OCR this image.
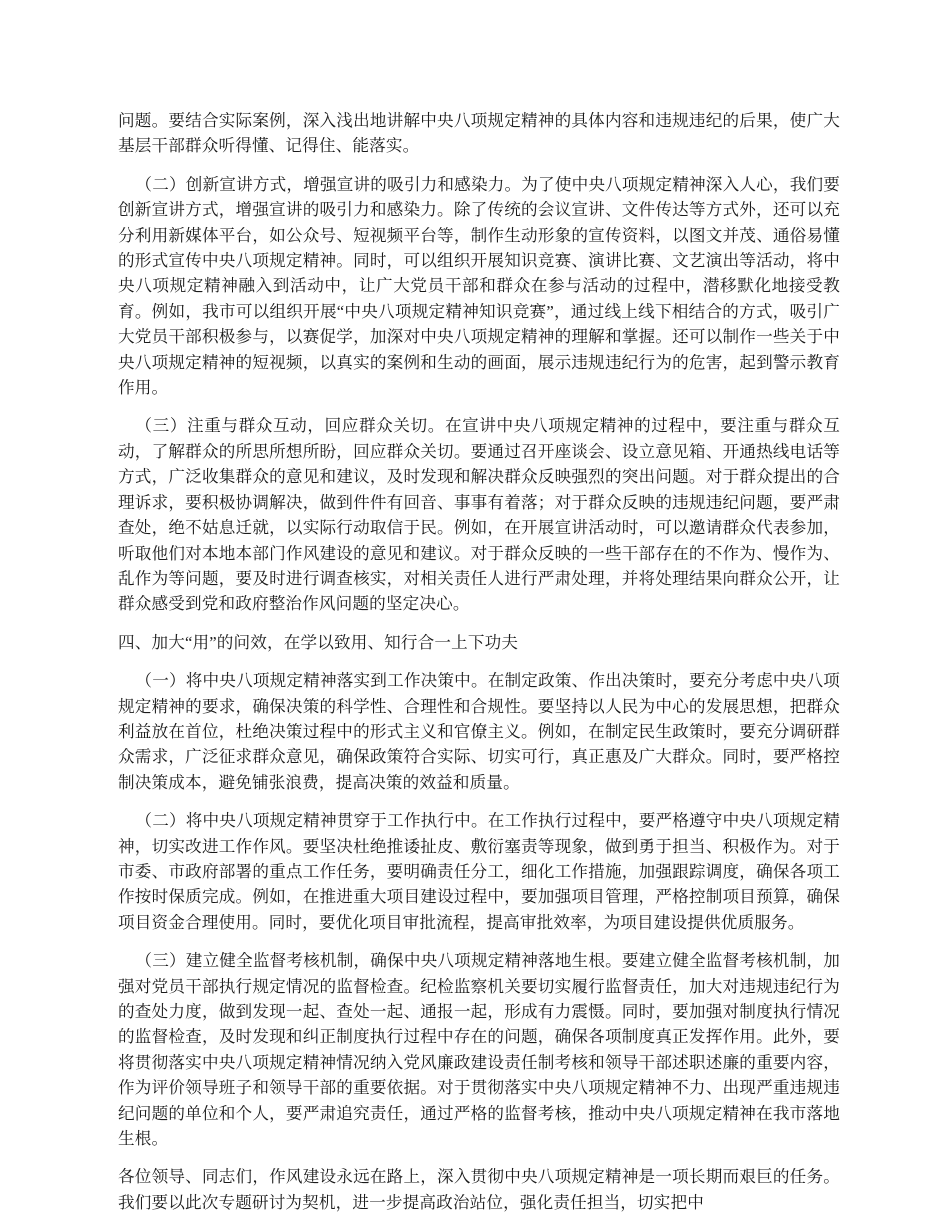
问题。要结合实际案例，深入浅出地讲解中央八项规定精神的具体内容和违规违纪的后果，使广大基层干部群众听得懂、记得住、能落实。

（二）创新宣讲方式，增强宣讲的吸引力和感染力。为了使中央八项规定精神深入人心，我们要创新宣讲方式，增强宣讲的吸引力和感染力。除了传统的会议宣讲、文件传达等方式外，还可以充分利用新媒体平台，如公众号、短视频平台等，制作生动形象的宣传资料，以图文并茂、通俗易懂的形式宣传中央八项规定精神。同时，可以组织开展知识竞赛、演讲比赛、文艺演出等活动，将中央八项规定精神融入到活动中，让广大党员干部和群众在参与活动的过程中，潜移默化地接受教育。例如，我市可以组织开展“中央八项规定精神知识竞赛”，通过线上线下相结合的方式，吸引广大党员干部积极参与，以赛促学，加深对中央八项规定精神的理解和掌握。还可以制作一些关于中央八项规定精神的短视频，以真实的案例和生动的画面，展示违规违纪行为的危害，起到警示教育作用。

（三）注重与群众互动，回应群众关切。在宣讲中央八项规定精神的过程中，要注重与群众互动，了解群众的所思所想所盼，回应群众关切。要通过召开座谈会、设立意见箱、开通热线电话等方式，广泛收集群众的意见和建议，及时发现和解决群众反映强烈的突出问题。对于群众提出的合理诉求，要积极协调解决，做到件件有回音、事事有着落；对于群众反映的违规违纪问题，要严肃查处，绝不姑息迁就，以实际行动取信于民。例如，在开展宣讲活动时，可以邀请群众代表参加，听取他们对本地本部门作风建设的意见和建议。对于群众反映的一些干部存在的不作为、慢作为、乱作为等问题，要及时进行调查核实，对相关责任人进行严肃处理，并将处理结果向群众公开，让群众感受到党和政府整治作风问题的坚定决心。

四、加大“用”的问效，在学以致用、知行合一上下功夫

（一）将中央八项规定精神落实到工作决策中。在制定政策、作出决策时，要充分考虑中央八项规定精神的要求，确保决策的科学性、合理性和合规性。要坚持以人民为中心的发展思想，把群众利益放在首位，杜绝决策过程中的形式主义和官僚主义。例如，在制定民生政策时，要充分调研群众需求，广泛征求群众意见，确保政策符合实际、切实可行，真正惠及广大群众。同时，要严格控制决策成本，避免铺张浪费，提高决策的效益和质量。

（二）将中央八项规定精神贯穿于工作执行中。在工作执行过程中，要严格遵守中央八项规定精神，切实改进工作作风。要坚决杜绝推诿扯皮、敷衍塞责等现象，做到勇于担当、积极作为。对于市委、市政府部署的重点工作任务，要明确责任分工，细化工作措施，加强跟踪调度，确保各项工作按时保质完成。例如，在推进重大项目建设过程中，要加强项目管理，严格控制项目预算，确保项目资金合理使用。同时，要优化项目审批流程，提高审批效率，为项目建设提供优质服务。

（三）建立健全监督考核机制，确保中央八项规定精神落地生根。要建立健全监督考核机制，加强对党员干部执行规定情况的监督检查。纪检监察机关要切实履行监督责任，加大对违规违纪行为的查处力度，做到发现一起、查处一起、通报一起，形成有力震慑。同时，要加强对制度执行情况的监督检查，及时发现和纠正制度执行过程中存在的问题，确保各项制度真正发挥作用。此外，要将贯彻落实中央八项规定精神情况纳入党风廉政建设责任制考核和领导干部述职述廉的重要内容，作为评价领导班子和领导干部的重要依据。对于贯彻落实中央八项规定精神不力、出现严重违规违纪问题的单位和个人，要严肃追究责任，通过严格的监督考核，推动中央八项规定精神在我市落地生根。

各位领导、同志们，作风建设永远在路上，深入贯彻中央八项规定精神是一项长期而艰巨的任务。我们要以此次专题研讨为契机，进一步提高政治站位，强化责任担当，切实把中
